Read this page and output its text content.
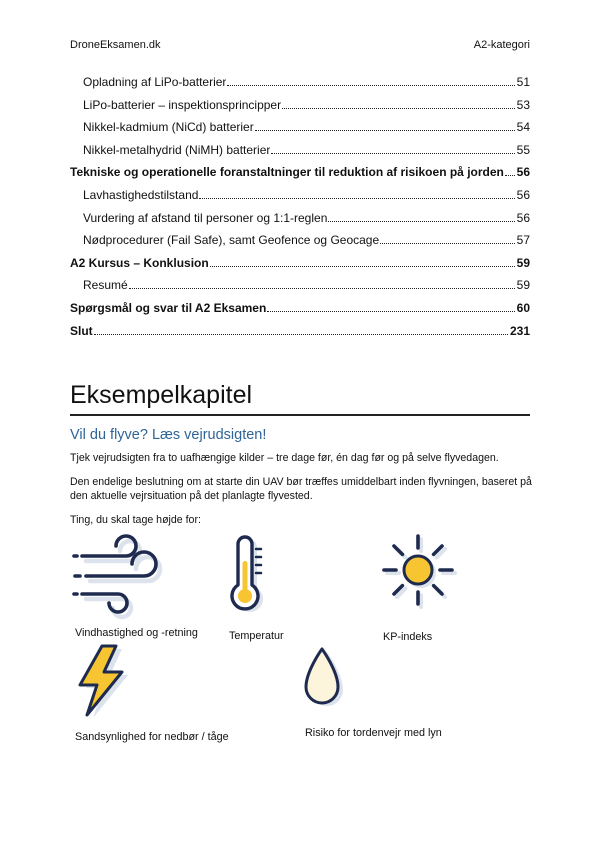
DroneEksamen.dk	A2-kategori
Opladning af LiPo-batterier	51
LiPo-batterier – inspektionsprincipper	53
Nikkel-kadmium (NiCd) batterier	54
Nikkel-metalhydrid (NiMH) batterier	55
Tekniske og operationelle foranstaltninger til reduktion af risikoen på jorden 56
Lavhastighedstilstand	56
Vurdering af afstand til personer og 1:1-reglen	56
Nødprocedurer (Fail Safe), samt Geofence og Geocage	57
A2 Kursus – Konklusion	59
Resumé	59
Spørgsmål og svar til A2 Eksamen	60
Slut	231
Eksempelkapitel
Vil du flyve? Læs vejrudsigten!
Tjek vejrudsigten fra to uafhængige kilder – tre dage før, én dag før og på selve flyvedagen.
Den endelige beslutning om at starte din UAV bør træffes umiddelbart inden flyvningen, baseret på den aktuelle vejrsituation på det planlagte flyvested.
Ting, du skal tage højde for:
Vindhastighed og -retning	Temperatur	KP-indeks
Sandsynlighed for nedbør / tåge	Risiko for tordenvejr med lyn
